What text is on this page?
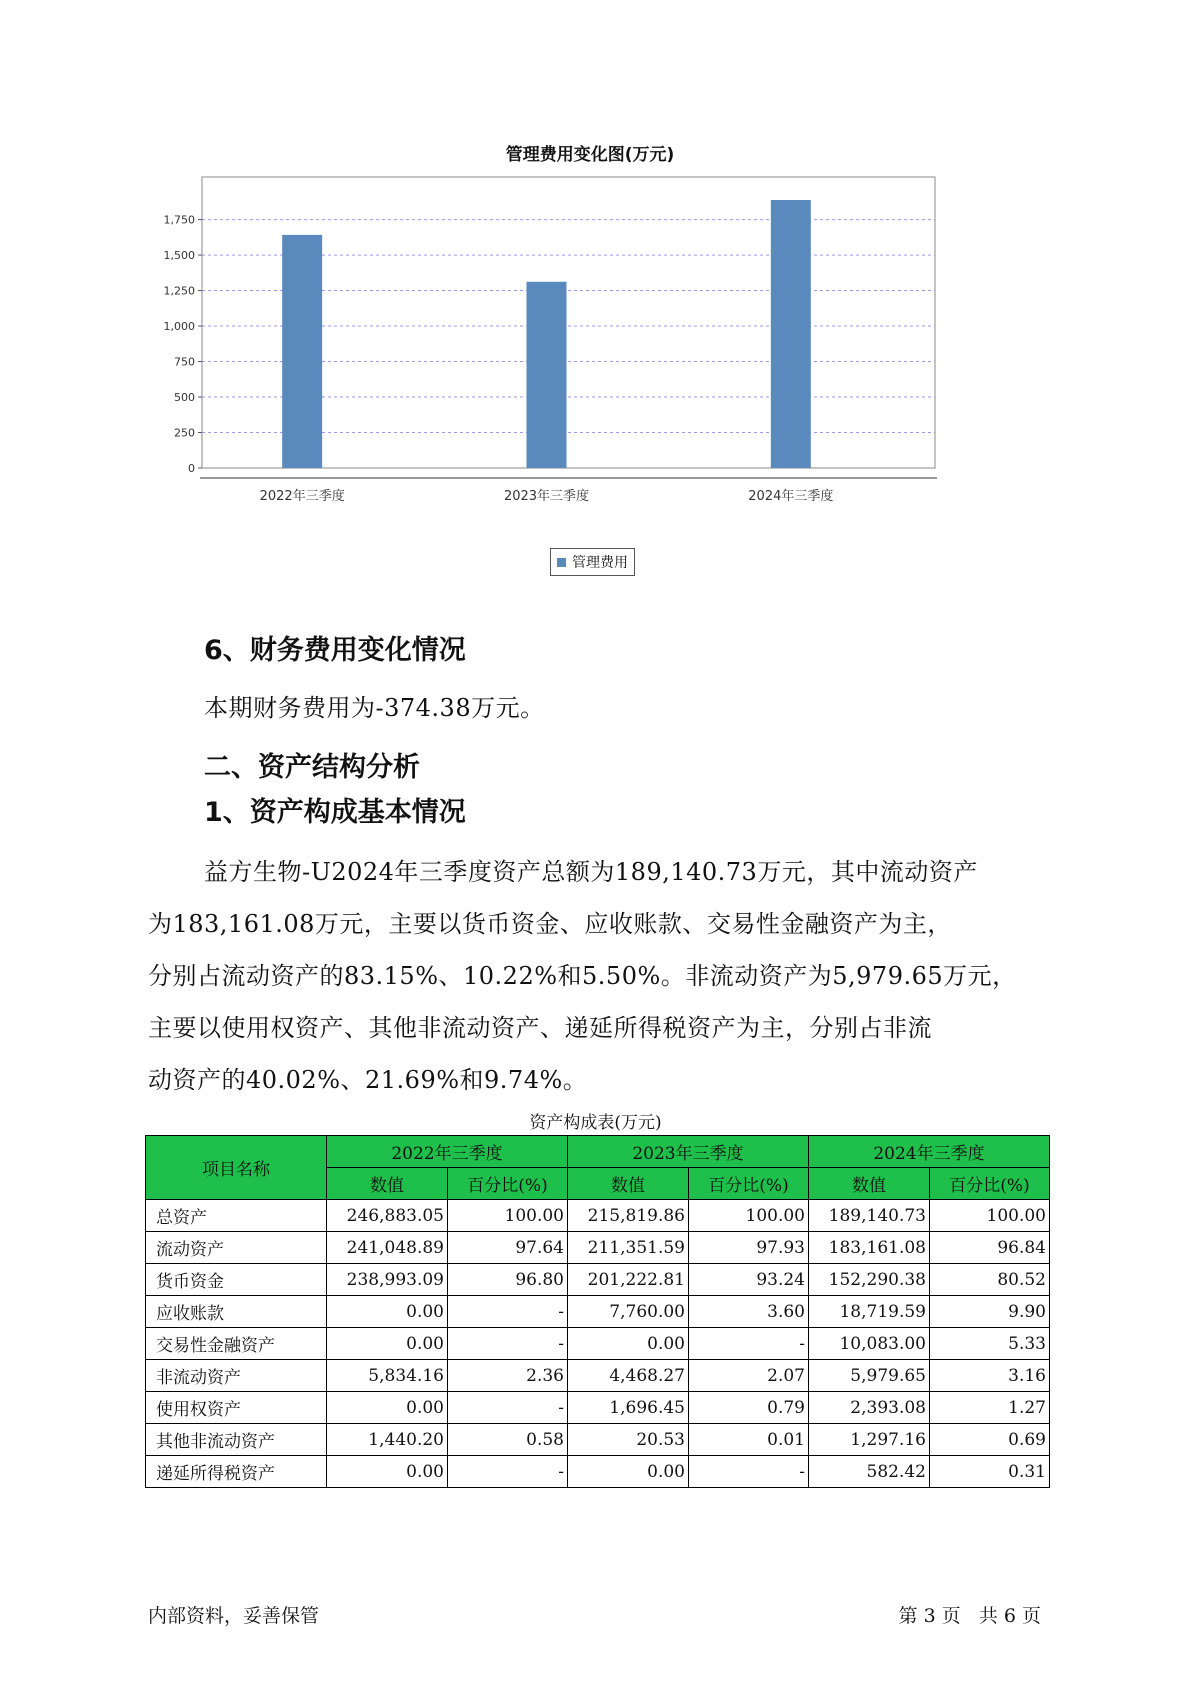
0
250
500
750
1,000
1,250
1,500
1,750
2022年三季度	2023年三季度	2024年三季度
管理费用变化图(万元)
管理费用
6、财务费用变化情况
本期财务费用为-374.38万元。
二、资产结构分析
1、资产构成基本情况
益方生物-U2024年三季度资产总额为189,140.73万元，其中流动资产
为183,161.08万元，主要以货币资金、应收账款、交易性金融资产为主，
分别占流动资产的83.15%、10.22%和5.50%。非流动资产为5,979.65万元，
主要以使用权资产、其他非流动资产、递延所得税资产为主，分别占非流
动资产的40.02%、21.69%和9.74%。
资产构成表(万元)
项目名称	2022年三季度		2023年三季度		2024年三季度	
	数值	百分比(%)	数值	百分比(%)	数值	百分比(%)
总资产	246,883.05	100.00	215,819.86	100.00	189,140.73	100.00
流动资产	241,048.89	97.64	211,351.59	97.93	183,161.08	96.84
货币资金	238,993.09	96.80	201,222.81	93.24	152,290.38	80.52
应收账款	0.00	-	7,760.00	3.60	18,719.59	9.90
交易性金融资产	0.00	-	0.00	-	10,083.00	5.33
非流动资产	5,834.16	2.36	4,468.27	2.07	5,979.65	3.16
使用权资产	0.00	-	1,696.45	0.79	2,393.08	1.27
其他非流动资产	1,440.20	0.58	20.53	0.01	1,297.16	0.69
递延所得税资产	0.00	-	0.00	-	582.42	0.31
内部资料，妥善保管	第 3 页   共 6 页
